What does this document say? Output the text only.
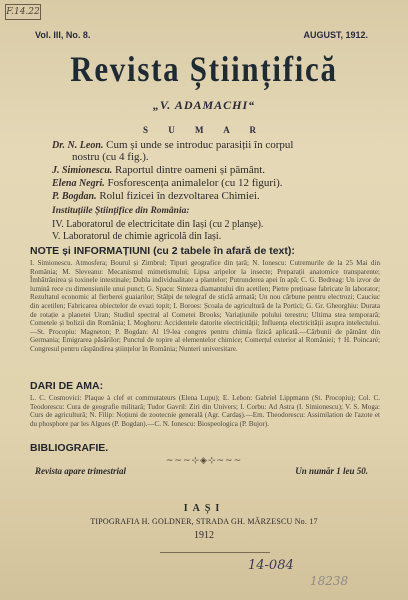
F.14.22
Vol. III, No. 8.	AUGUST, 1912.
Revista Științifică
„V. ADAMACHI“
S U M A R
Dr. N. Leon. Cum și unde se introduc parasiții în corpul
nostru (cu 4 fig.).
J. Simionescu. Raportul dintre oameni și pământ.
Elena Negri. Fosforescența animalelor (cu 12 figuri).
P. Bogdan. Rolul fizicei în dezvoltarea Chimiei.
Instituțiile Științifice din România:
IV. Laboratorul de electricitate din Iași (cu 2 planșe).
V. Laboratorul de chimie agricolă din Iași.
NOTE și INFORMAȚIUNI (cu 2 tabele în afară de text):
I. Simionescu. Atmosfera; Bourul și Zimbrul; Tipuri geografice din țară; N. Ionescu: Cutremurile de la 25 Mai din România; M. Sleveanu: Mecanismul mimetismului; Lipsa aripelor la insecte; Preparații anatomice transparente; Îmbătrânirea și toxinele intestinale; Dubla individualitate a plantelor; Putrunderea apei în apă; C. G. Bedreag: Un izvor de lumină rece cu dimensiunile unui punct; G. Spacu: Sinteza diamantului din acetilen; Pietre prețioase fabricate în laborator; Rezultatul economic al fierberei guaiarilor; Stâlpi de telegraf de sticlă armată; Un nou cărbune pentru electrozi; Cauciuc din acetilen; Fabricarea obiectelor de evazi topit; I. Boroes: Școala de agricultură de la Portici; G. Gr. Gheorghiu: Durata de rotație a planetei Uran; Studiul spectral al Cometei Brooks; Variațiunile polului terestru; Ultima stea temporară; Cometele și bolizii din România; I. Moghoru: Accidentele datorite electricității; Influența electricității asupra intelectului.—St. Procopiu: Magneton; P. Bogdan: Al 19-lea congres pentru chimia fizică aplicată.—Cărbunii de pământ din Germania; Emigrarea păsărilor; Punctul de topire al elementelor chimice; Comerțul exterior al României; † H. Poincaré; Congresul pentru răspândirea științelor în România; Nunteri universitare.
DARI DE AMA:
L. C. Cosmovici: Plaque à clef et commutateurs (Elena Lupu); E. Lebon: Gabriel Lippmann (St. Procopiu); Col. C. Teodorescu: Cura de geografie militară; Tudor Gavril: Ziri din Univers; I. Corbu: Ad Astra (I. Simionescu); V. S. Moga: Curs de agricultură; N. Filip: Noțiuni de zootecnie generală (Agr. Cardaș).—Em. Theodorescu: Assimilation de l'azote et du phosphore par les Algues (P. Bogdan).—C. N. Ionescu: Biospeologica (P. Bujor).
BIBLIOGRAFIE.
~~~⊹◈⊹~~~
Revista apare trimestrial	Un număr 1 leu 50.
IAȘI
TIPOGRAFIA H. GOLDNER, STRADA GH. MĂRZESCU No. 17
1912
14-084
18238
